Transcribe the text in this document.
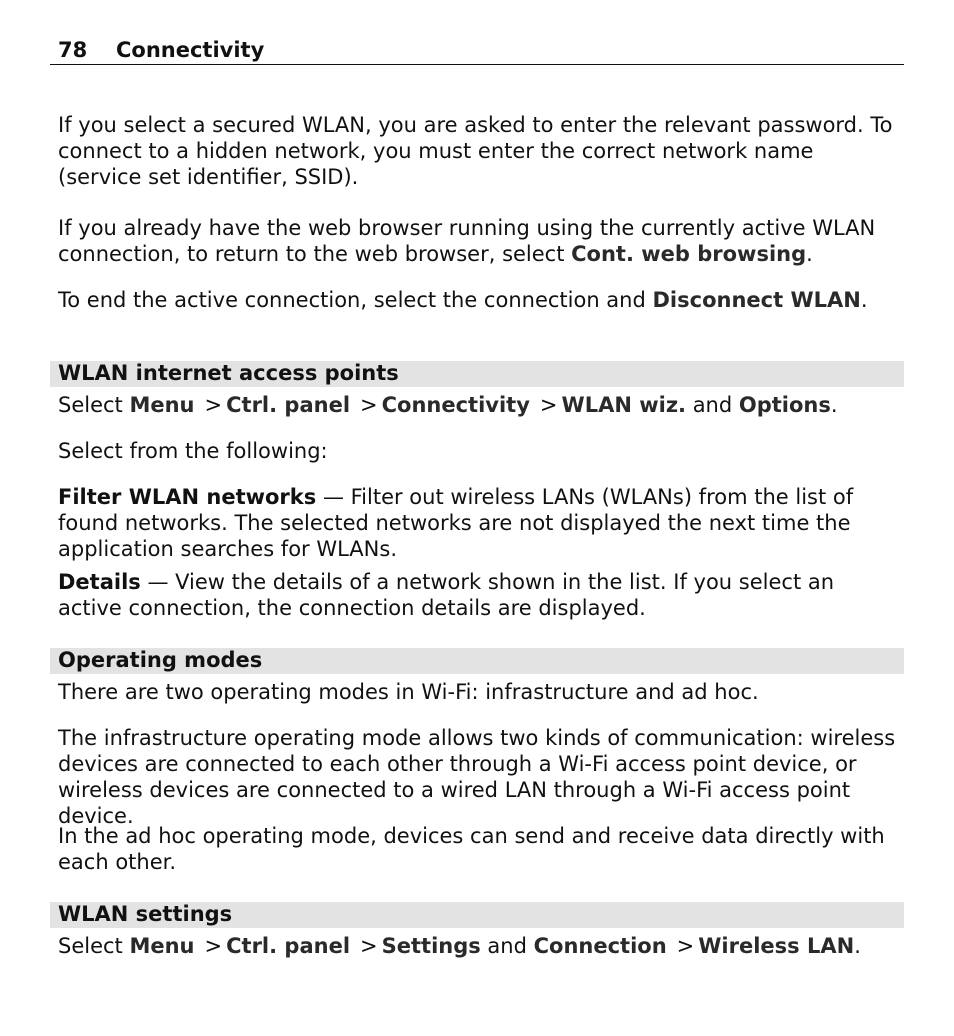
78 Connectivity
If you select a secured WLAN, you are asked to enter the relevant password. To connect to a hidden network, you must enter the correct network name (service set identifier, SSID).
If you already have the web browser running using the currently active WLAN connection, to return to the web browser, select Cont. web browsing.
To end the active connection, select the connection and Disconnect WLAN.
WLAN internet access points
Select Menu > Ctrl. panel > Connectivity > WLAN wiz. and Options.
Select from the following:
Filter WLAN networks — Filter out wireless LANs (WLANs) from the list of found networks. The selected networks are not displayed the next time the application searches for WLANs.
Details — View the details of a network shown in the list. If you select an active connection, the connection details are displayed.
Operating modes
There are two operating modes in Wi-Fi: infrastructure and ad hoc.
The infrastructure operating mode allows two kinds of communication: wireless devices are connected to each other through a Wi-Fi access point device, or wireless devices are connected to a wired LAN through a Wi-Fi access point device.
In the ad hoc operating mode, devices can send and receive data directly with each other.
WLAN settings
Select Menu > Ctrl. panel > Settings and Connection > Wireless LAN.
